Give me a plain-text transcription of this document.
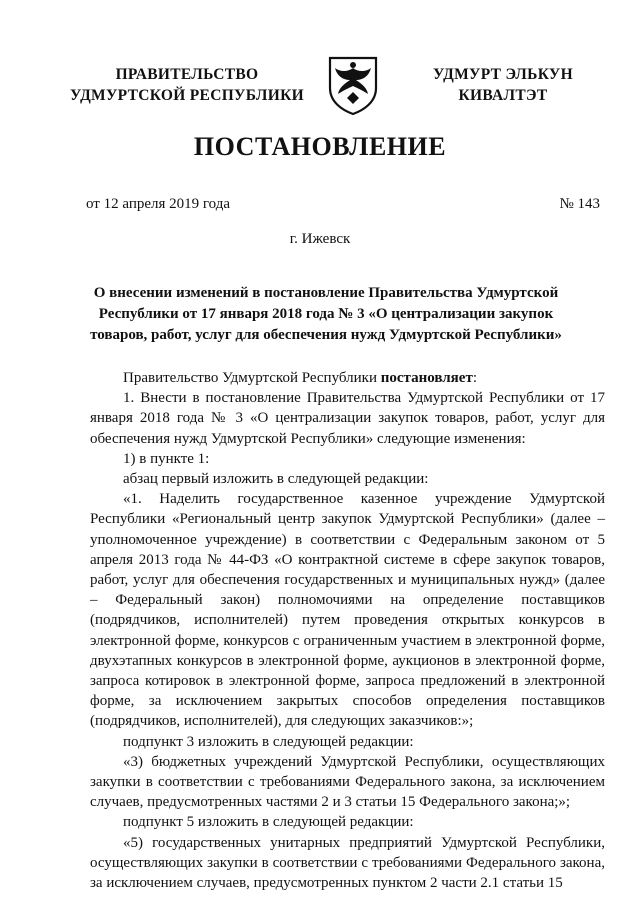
ПРАВИТЕЛЬСТВО
УДМУРТСКОЙ РЕСПУБЛИКИ
УДМУРТ ЭЛЬКУН
КИВАЛТЭТ
ПОСТАНОВЛЕНИЕ
от 12 апреля 2019 года	№ 143
г. Ижевск
О внесении изменений в постановление Правительства Удмуртской Республики от 17 января 2018 года № 3 «О централизации закупок товаров, работ, услуг для обеспечения нужд Удмуртской Республики»

Правительство Удмуртской Республики постановляет:

1. Внести в постановление Правительства Удмуртской Республики от 17 января 2018 года № 3 «О централизации закупок товаров, работ, услуг для обеспечения нужд Удмуртской Республики» следующие изменения:

1) в пункте 1:

абзац первый изложить в следующей редакции:

«1. Наделить государственное казенное учреждение Удмуртской Республики «Региональный центр закупок Удмуртской Республики» (далее – уполномоченное учреждение) в соответствии с Федеральным законом от 5 апреля 2013 года № 44-ФЗ «О контрактной системе в сфере закупок товаров, работ, услуг для обеспечения государственных и муниципальных нужд» (далее – Федеральный закон) полномочиями на определение поставщиков (подрядчиков, исполнителей) путем проведения открытых конкурсов в электронной форме, конкурсов с ограниченным участием в электронной форме, двухэтапных конкурсов в электронной форме, аукционов в электронной форме, запроса котировок в электронной форме, запроса предложений в электронной форме, за исключением закрытых способов определения поставщиков (подрядчиков, исполнителей), для следующих заказчиков:»;

подпункт 3 изложить в следующей редакции:

«3) бюджетных учреждений Удмуртской Республики, осуществляющих закупки в соответствии с требованиями Федерального закона, за исключением случаев, предусмотренных частями 2 и 3 статьи 15 Федерального закона;»;

подпункт 5 изложить в следующей редакции:

«5) государственных унитарных предприятий Удмуртской Республики, осуществляющих закупки в соответствии с требованиями Федерального закона, за исключением случаев, предусмотренных пунктом 2 части 2.1 статьи 15
